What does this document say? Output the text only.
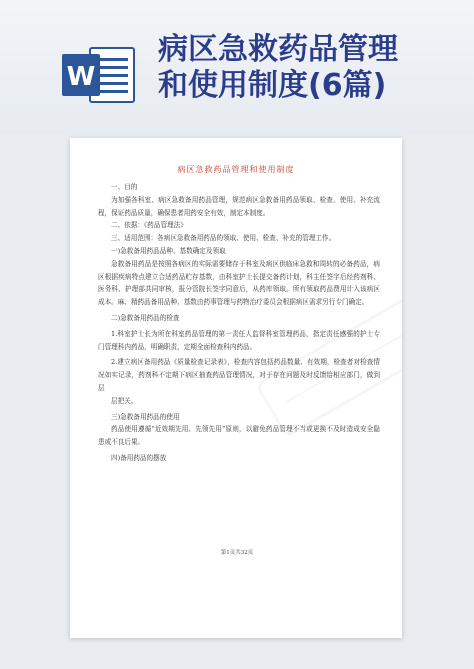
W
病区急救药品管理
和使用制度(6篇)
病区急救药品管理和使用制度

一、目的

为加强各科室、病区急救备用药品管理，规范病区急救备用药品领取、检查、使用、补充流程，保证药品质量，确保患者用药安全有效，制定本制度。

二、依据：《药品管理法》

三、适用范围：各病区急救备用药品的领取、使用、检查、补充的管理工作。

一)急救备用药品品种、基数确定及领取

急救备用药品是按照各病区的实际需要储存于科室及病区供临床急救和周转的必备药品，病区根据疾病特点建立合适药品贮存基数，由科室护士长提交备药计划，科主任签字后经药剂科、医务科、护理部共同审核，报分管院长签字同意后，从药库领取。所有领取药品费用计入该病区成本。麻、精药品备用品种、基数由药事管理与药物治疗委员会根据病区需求另行专门确定。

二)急救备用药品的检查

1.科室护士长为所在科室药品管理的第一责任人监督科室管理药品，指定责任感强的护士专门管理科内药品，明确职责，定期全面检查科内药品。

2.建立病区备用药品《质量检查记录表》，检查内容包括药品数量、有效期，检查者对检查情况如实记录，药剂科不定期下病区抽查药品管理情况，对于存在问题及时反馈给相应部门，做到层

层把关。

三)急救备用药品的使用

药品使用遵循“近效期先用、先领先用”原则，以避免药品管理不当或更换不及时造成安全隐患或不良后果。

四)备用药品的摆放

第1页共32页
